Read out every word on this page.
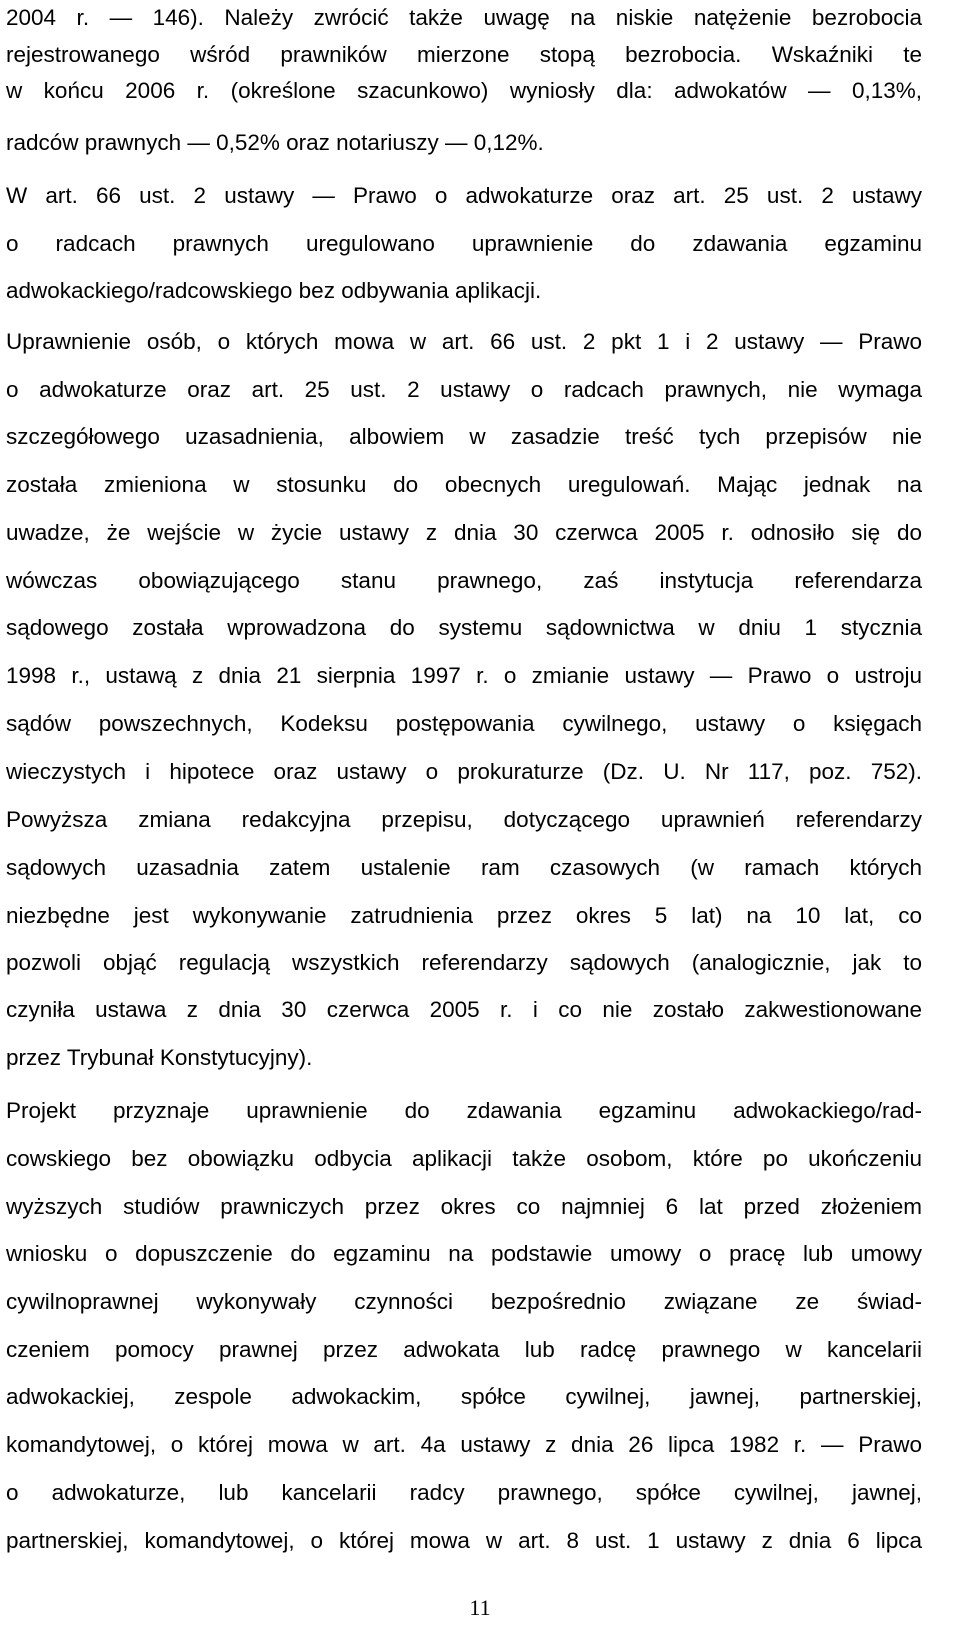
2004 r. — 146). Należy zwrócić także uwagę na niskie natężenie bezrobocia
rejestrowanego wśród prawników mierzone stopą bezrobocia. Wskaźniki te
w końcu 2006 r. (określone szacunkowo) wyniosły dla: adwokatów — 0,13%,
radców prawnych — 0,52% oraz notariuszy — 0,12%.
W art. 66 ust. 2 ustawy — Prawo o adwokaturze oraz art. 25 ust. 2 ustawy
o radcach prawnych uregulowano uprawnienie do zdawania egzaminu
adwokackiego/radcowskiego bez odbywania aplikacji.
Uprawnienie osób, o których mowa w art. 66 ust. 2 pkt 1 i 2 ustawy — Prawo
o adwokaturze oraz art. 25 ust. 2 ustawy o radcach prawnych, nie wymaga
szczegółowego uzasadnienia, albowiem w zasadzie treść tych przepisów nie
została zmieniona w stosunku do obecnych uregulowań. Mając jednak na
uwadze, że wejście w życie ustawy z dnia 30 czerwca 2005 r. odnosiło się do
wówczas obowiązującego stanu prawnego, zaś instytucja referendarza
sądowego została wprowadzona do systemu sądownictwa w dniu 1 stycznia
1998 r., ustawą z dnia 21 sierpnia 1997 r. o zmianie ustawy — Prawo o ustroju
sądów powszechnych, Kodeksu postępowania cywilnego, ustawy o księgach
wieczystych i hipotece oraz ustawy o prokuraturze (Dz. U. Nr 117, poz. 752).
Powyższa zmiana redakcyjna przepisu, dotyczącego uprawnień referendarzy
sądowych uzasadnia zatem ustalenie ram czasowych (w ramach których
niezbędne jest wykonywanie zatrudnienia przez okres 5 lat) na 10 lat, co
pozwoli objąć regulacją wszystkich referendarzy sądowych (analogicznie, jak to
czyniła ustawa z dnia 30 czerwca 2005 r. i co nie zostało zakwestionowane
przez Trybunał Konstytucyjny).
Projekt przyznaje uprawnienie do zdawania egzaminu adwokackiego/rad-
cowskiego bez obowiązku odbycia aplikacji także osobom, które po ukończeniu
wyższych studiów prawniczych przez okres co najmniej 6 lat przed złożeniem
wniosku o dopuszczenie do egzaminu na podstawie umowy o pracę lub umowy
cywilnoprawnej wykonywały czynności bezpośrednio związane ze świad-
czeniem pomocy prawnej przez adwokata lub radcę prawnego w kancelarii
adwokackiej, zespole adwokackim, spółce cywilnej, jawnej, partnerskiej,
komandytowej, o której mowa w art. 4a ustawy z dnia 26 lipca 1982 r. — Prawo
o adwokaturze, lub kancelarii radcy prawnego, spółce cywilnej, jawnej,
partnerskiej, komandytowej, o której mowa w art. 8 ust. 1 ustawy z dnia 6 lipca
11
